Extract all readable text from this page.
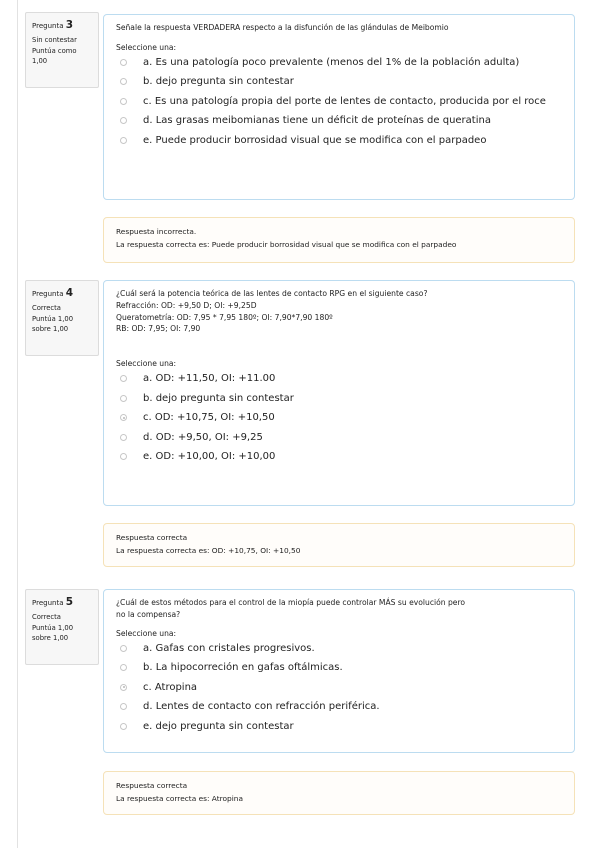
Pregunta 3
Sin contestar
Puntúa como
1,00

Señale la respuesta VERDADERA respecto a la disfunción de las glándulas de Meibomio

Seleccione una:

a. Es una patología poco prevalente (menos del 1% de la población adulta)
b. dejo pregunta sin contestar
c. Es una patología propia del porte de lentes de contacto, producida por el roce
d. Las grasas meibomianas tiene un déficit de proteínas de queratina
e. Puede producir borrosidad visual que se modifica con el parpadeo
Respuesta incorrecta.
La respuesta correcta es: Puede producir borrosidad visual que se modifica con el parpadeo
Pregunta 4
Correcta
Puntúa 1,00
sobre 1,00

¿Cuál será la potencia teórica de las lentes de contacto RPG en el siguiente caso?

Refracción: OD: +9,50 D; OI: +9,25D

Queratometría: OD: 7,95 * 7,95 180º; OI: 7,90*7,90 180º

RB: OD: 7,95; OI: 7,90

Seleccione una:

a. OD: +11,50, OI: +11.00
b. dejo pregunta sin contestar
c. OD: +10,75, OI: +10,50
d. OD: +9,50, OI: +9,25
e. OD: +10,00, OI: +10,00
Respuesta correcta
La respuesta correcta es: OD: +10,75, OI: +10,50
Pregunta 5
Correcta
Puntúa 1,00
sobre 1,00

¿Cuál de estos métodos para el control de la miopía puede controlar MÁS su evolución pero

no la compensa?

Seleccione una:

a. Gafas con cristales progresivos.
b. La hipocorreción en gafas oftálmicas.
c. Atropina
d. Lentes de contacto con refracción periférica.
e. dejo pregunta sin contestar
Respuesta correcta
La respuesta correcta es: Atropina
